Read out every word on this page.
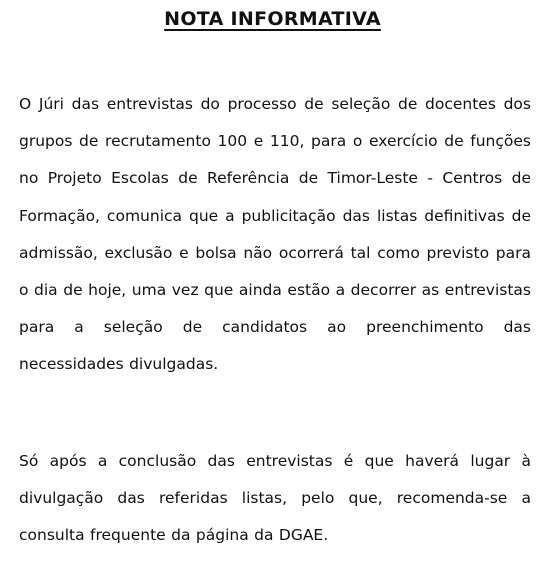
NOTA INFORMATIVA
O Júri das entrevistas do processo de seleção de docentes dos grupos de recrutamento 100 e 110, para o exercício de funções no Projeto Escolas de Referência de Timor-Leste - Centros de Formação, comunica que a publicitação das listas definitivas de admissão, exclusão e bolsa não ocorrerá tal como previsto para o dia de hoje, uma vez que ainda estão a decorrer as entrevistas para a seleção de candidatos ao preenchimento das necessidades divulgadas.
Só após a conclusão das entrevistas é que haverá lugar à divulgação das referidas listas, pelo que, recomenda-se a consulta frequente da página da DGAE.
